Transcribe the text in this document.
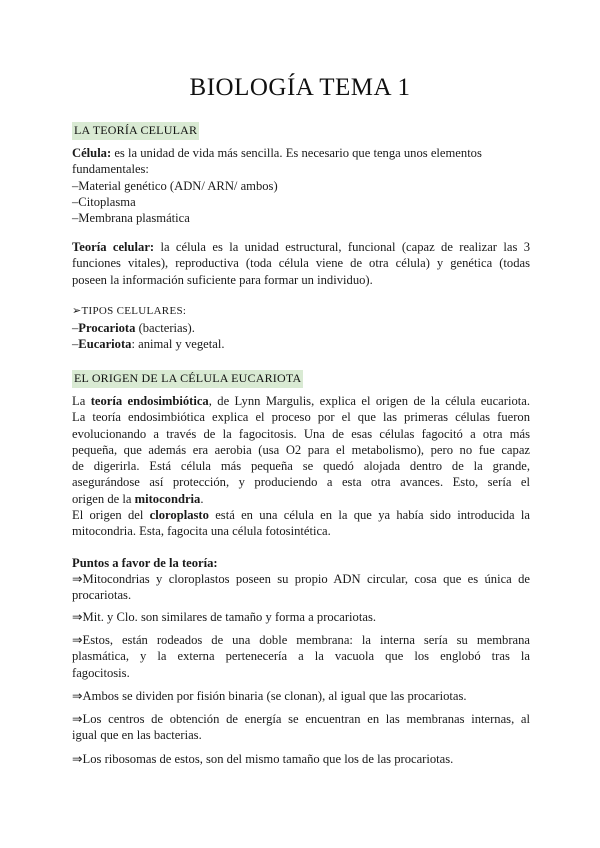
BIOLOGÍA TEMA 1
LA TEORÍA CELULAR
Célula: es la unidad de vida más sencilla. Es necesario que tenga unos elementos
fundamentales:
–Material genético (ADN/ ARN/ ambos)
–Citoplasma
–Membrana plasmática
Teoría celular: la célula es la unidad estructural, funcional (capaz de realizar las 3
funciones vitales), reproductiva (toda célula viene de otra célula) y genética (todas
poseen la información suficiente para formar un individuo).
➢TIPOS CELULARES:
–Procariota (bacterias).
–Eucariota: animal y vegetal.
EL ORIGEN DE LA CÉLULA EUCARIOTA
La teoría endosimbiótica, de Lynn Margulis, explica el origen de la célula eucariota.
La teoría endosimbiótica explica el proceso por el que las primeras células fueron
evolucionando a través de la fagocitosis. Una de esas células fagocitó a otra más
pequeña, que además era aerobia (usa O2 para el metabolismo), pero no fue capaz
de digerirla. Está célula más pequeña se quedó alojada dentro de la grande,
asegurándose así protección, y produciendo a esta otra avances. Esto, sería el
origen de la mitocondria.
El origen del cloroplasto está en una célula en la que ya había sido introducida la
mitocondria. Esta, fagocita una célula fotosintética.
Puntos a favor de la teoría:
⇒Mitocondrias y cloroplastos poseen su propio ADN circular, cosa que es única de
procariotas.
⇒Mit. y Clo. son similares de tamaño y forma a procariotas.
⇒Estos, están rodeados de una doble membrana: la interna sería su membrana
plasmática, y la externa pertenecería a la vacuola que los englobó tras la
fagocitosis.
⇒Ambos se dividen por fisión binaria (se clonan), al igual que las procariotas.
⇒Los centros de obtención de energía se encuentran en las membranas internas, al
igual que en las bacterias.
⇒Los ribosomas de estos, son del mismo tamaño que los de las procariotas.
